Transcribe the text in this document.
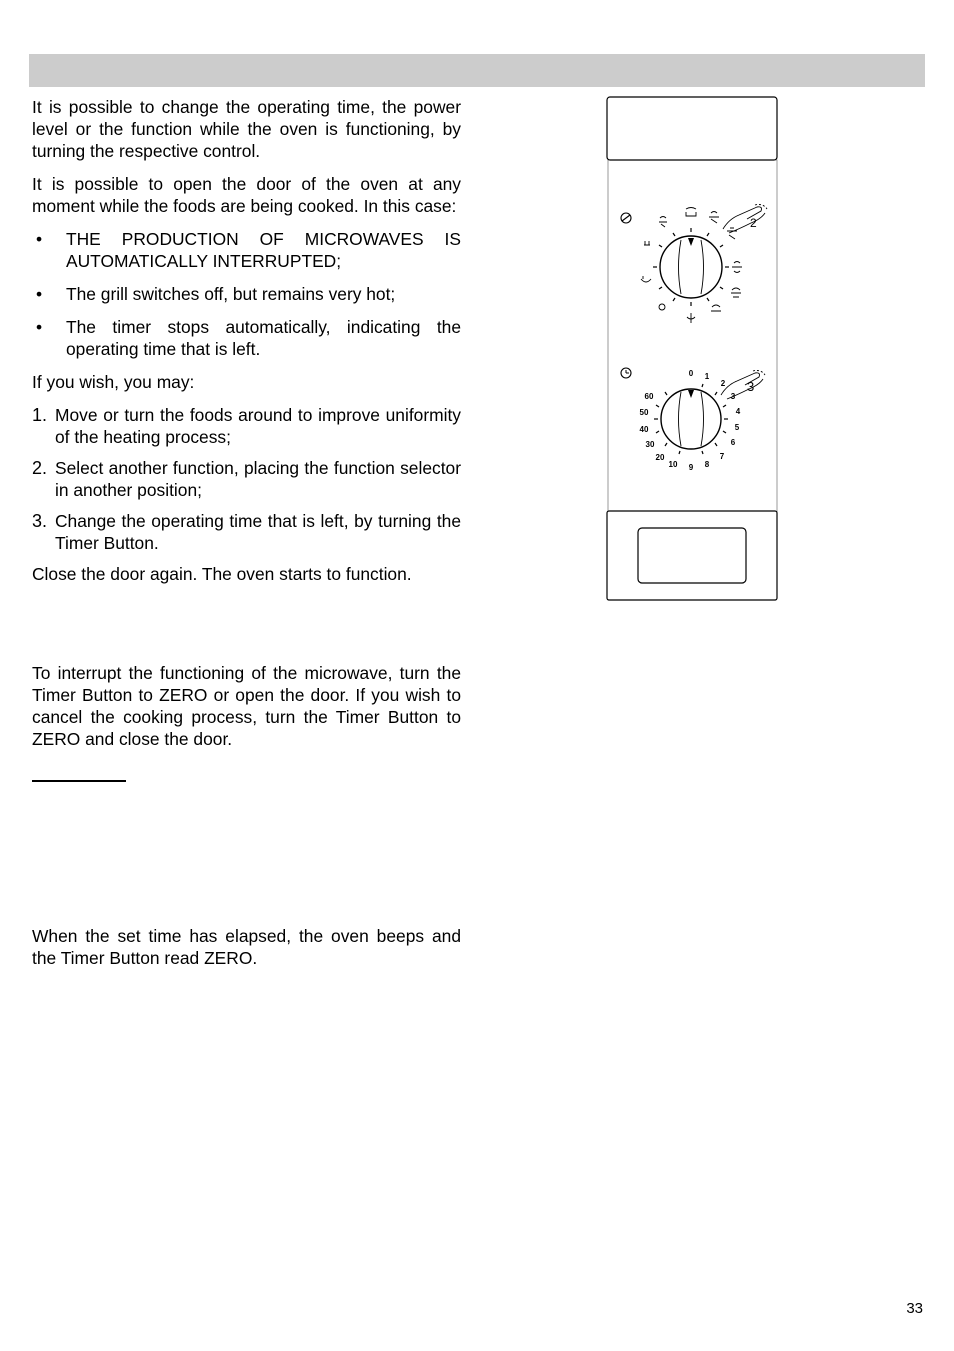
It is possible to change the operating time, the power level or the function while the oven is functioning, by turning the respective control.

It is possible to open the door of the oven at any moment while the foods are being cooked. In this case:

• THE PRODUCTION OF MICROWAVES IS AUTOMATICALLY INTERRUPTED;
• The grill switches off, but remains very hot;
• The timer stops automatically, indicating the operating time that is left.

If you wish, you may:

1. Move or turn the foods around to improve uniformity of the heating process;
2. Select another function, placing the function selector in another position;
3. Change the operating time that is left, by turning the Timer Button.

Close the door again. The oven starts to function.

To interrupt the functioning of the microwave, turn the Timer Button to ZERO or open the door. If you wish to cancel the cooking process, turn the Timer Button to ZERO and close the door.

When the set time has elapsed, the oven beeps and the Timer Button read ZERO.

2
0 1
2
3
4
5
6
7
8
9
10
20
30
40
50
60
3
33
